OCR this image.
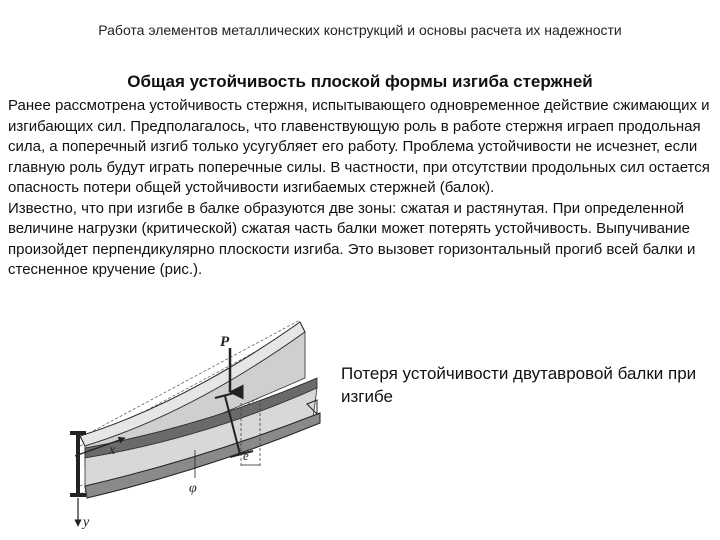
Работа элементов металлических конструкций и основы расчета их надежности
Общая устойчивость плоской формы изгиба стержней

Ранее рассмотрена устойчивость стержня, испытывающего одновременное действие сжимающих и изгибающих сил. Предполагалось, что главенствующую роль в работе стержня играеп продольная сила, а поперечный изгиб только усугубляет его работу. Проблема устойчивости не исчезнет, если главную роль будут играть поперечные силы. В частности, при отсутствии продольных сил остается опасность потери общей устойчивости изгибаемых стержней (балок).

Известно, что при изгибе в балке образуются две зоны: сжатая и растянутая. При определенной величине нагрузки (критической) сжатая часть балки может потерять устойчивость. Выпучивание произойдет перпендикулярно плоскости изгиба. Это вызовет горизонтальный прогиб всей балки и стесненное кручение (рис.).

P
x
y
e
φ
Потеря устойчивости двутавровой балки при изгибе
